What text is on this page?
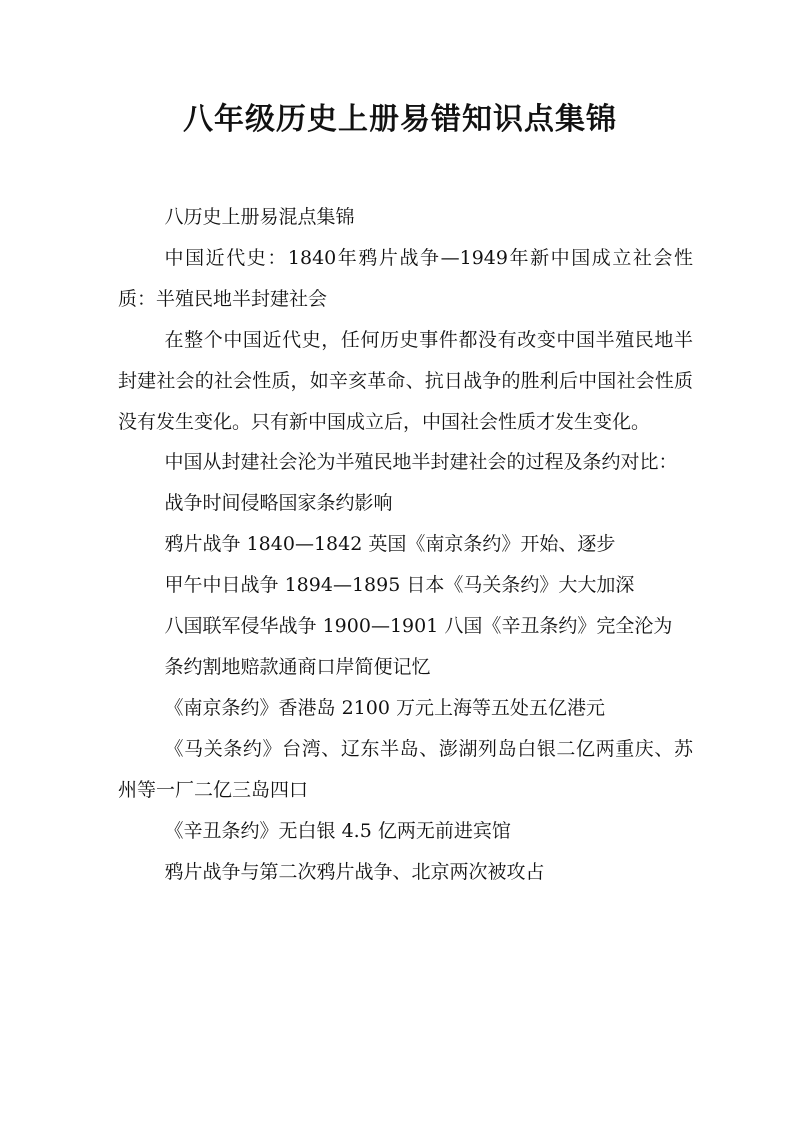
八年级历史上册易错知识点集锦

八历史上册易混点集锦

中国近代史：1840年鸦片战争—1949年新中国成立社会性质：半殖民地半封建社会

在整个中国近代史，任何历史事件都没有改变中国半殖民地半封建社会的社会性质，如辛亥革命、抗日战争的胜利后中国社会性质没有发生变化。只有新中国成立后，中国社会性质才发生变化。

中国从封建社会沦为半殖民地半封建社会的过程及条约对比：

战争时间侵略国家条约影响

鸦片战争 1840—1842 英国《南京条约》开始、逐步

甲午中日战争 1894—1895 日本《马关条约》大大加深

八国联军侵华战争 1900—1901 八国《辛丑条约》完全沦为

条约割地赔款通商口岸简便记忆

《南京条约》香港岛 2100 万元上海等五处五亿港元

《马关条约》台湾、辽东半岛、澎湖列岛白银二亿两重庆、苏州等一厂二亿三岛四口

《辛丑条约》无白银 4.5 亿两无前进宾馆

鸦片战争与第二次鸦片战争、北京两次被攻占
